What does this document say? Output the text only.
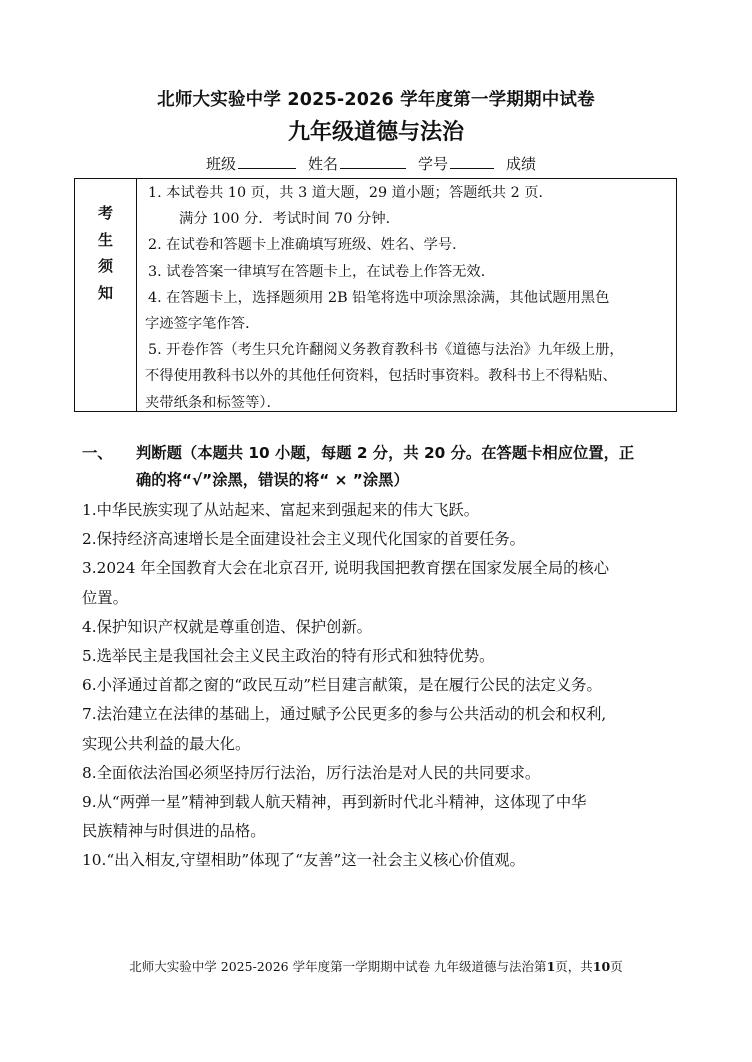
北师大实验中学 2025-2026 学年度第一学期期中试卷
九年级道德与法治
班级	姓名	学号	成绩
考
生
须
知

1. 本试卷共 10 页，共 3 道大题，29 道小题；答题纸共 2 页．

满分 100 分．考试时间 70 分钟．

2. 在试卷和答题卡上准确填写班级、姓名、学号．

3. 试卷答案一律填写在答题卡上，在试卷上作答无效．

4. 在答题卡上，选择题须用 2B 铅笔将选中项涂黑涂满，其他试题用黑色

字迹签字笔作答．

5. 开卷作答（考生只允许翻阅义务教育教科书《道德与法治》九年级上册，

不得使用教科书以外的其他任何资料，包括时事资料。教科书上不得粘贴、

夹带纸条和标签等）．

一、 判断题（本题共 10 小题，每题 2 分，共 20 分。在答题卡相应位置，正
确的将“√”涂黑，错误的将“ × ”涂黑）

1.中华民族实现了从站起来、富起来到强起来的伟大飞跃。

2.保持经济高速增长是全面建设社会主义现代化国家的首要任务。

3.2024 年全国教育大会在北京召开, 说明我国把教育摆在国家发展全局的核心

位置。

4.保护知识产权就是尊重创造、保护创新。

5.选举民主是我国社会主义民主政治的特有形式和独特优势。

6.小泽通过首都之窗的“政民互动”栏目建言献策，是在履行公民的法定义务。

7.法治建立在法律的基础上，通过赋予公民更多的参与公共活动的机会和权利,

实现公共利益的最大化。

8.全面依法治国必须坚持厉行法治，厉行法治是对人民的共同要求。

9.从“两弹一星”精神到载人航天精神，再到新时代北斗精神，这体现了中华

民族精神与时俱进的品格。

10.“出入相友,守望相助”体现了“友善”这一社会主义核心价值观。

北师大实验中学 2025-2026 学年度第一学期期中试卷 九年级道德与法治第1页，共10页
